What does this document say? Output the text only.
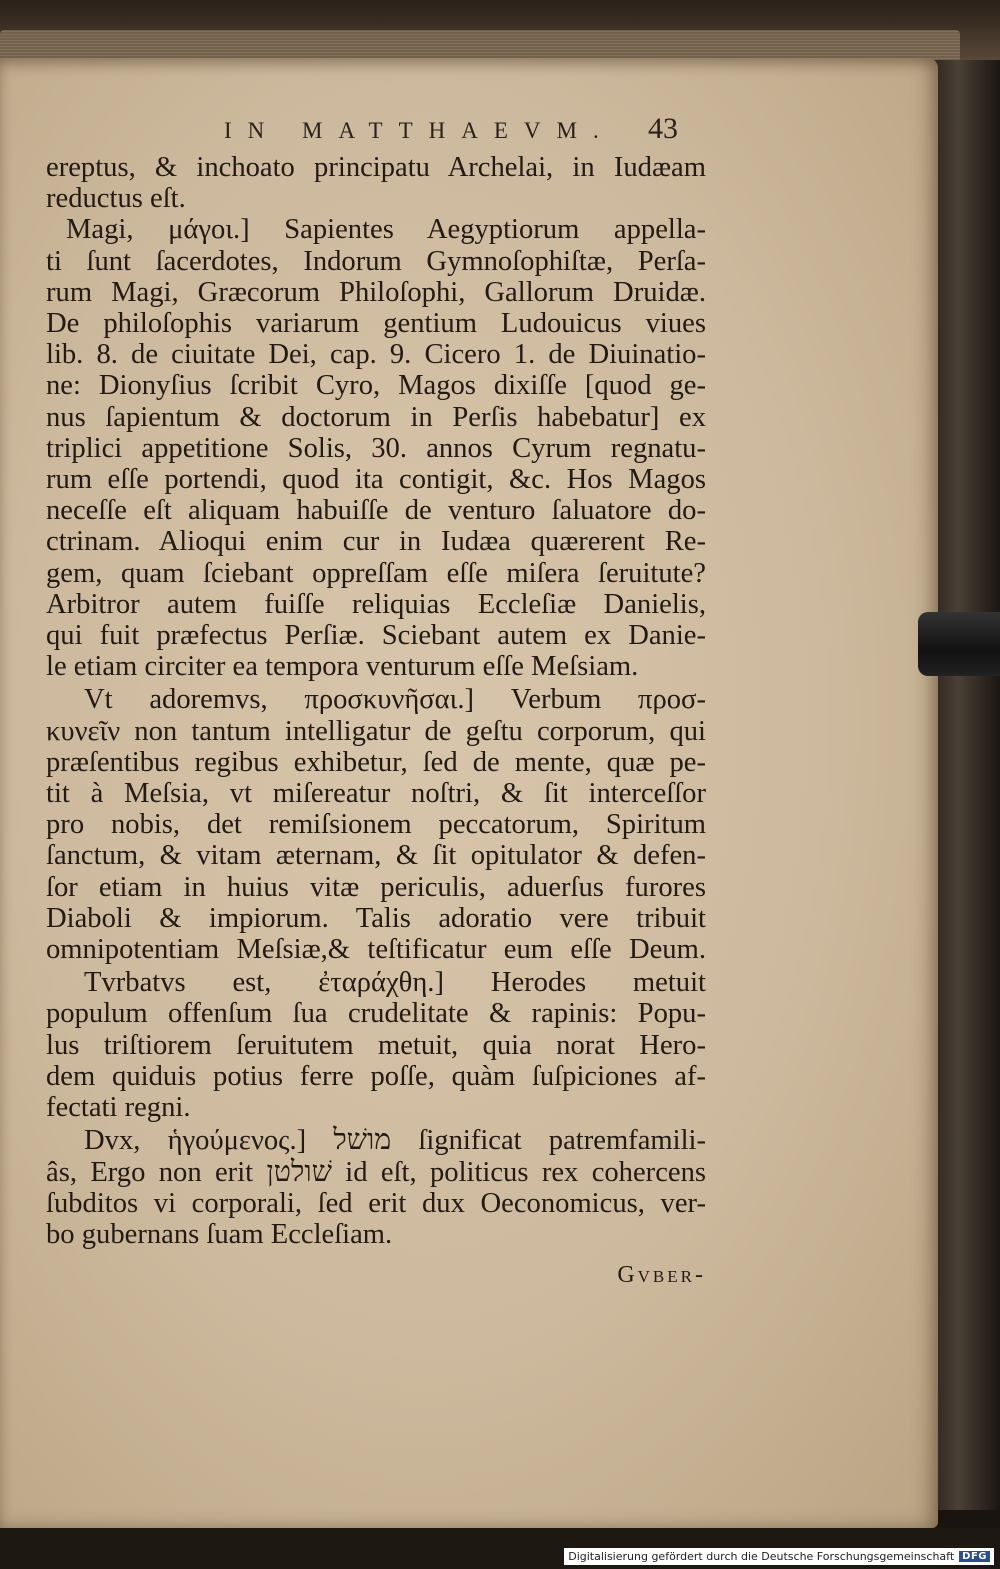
IN MATTHAEVM. 43
ereptus, & inchoato principatu Archelai, in Iudæam
reductus eſt.
Magi, μάγοι.] Sapientes Aegyptiorum appella-
ti ſunt ſacerdotes, Indorum Gymnoſophiſtæ, Perſa-
rum Magi, Græcorum Philoſophi, Gallorum Druidæ.
De philoſophis variarum gentium Ludouicus viues
lib. 8. de ciuitate Dei, cap. 9. Cicero 1. de Diuinatio-
ne: Dionyſius ſcribit Cyro, Magos dixiſſe [quod ge-
nus ſapientum & doctorum in Perſis habebatur] ex
triplici appetitione Solis, 30. annos Cyrum regnatu-
rum eſſe portendi, quod ita contigit, &c. Hos Magos
neceſſe eſt aliquam habuiſſe de venturo ſaluatore do-
ctrinam. Alioqui enim cur in Iudæa quærerent Re-
gem, quam ſciebant oppreſſam eſſe miſera ſeruitute?
Arbitror autem fuiſſe reliquias Eccleſiæ Danielis,
qui fuit præfectus Perſiæ. Sciebant autem ex Danie-
le etiam circiter ea tempora venturum eſſe Meſsiam.
Vt adoremvs, προσκυνῆσαι.] Verbum προσ-
κυνεῖν non tantum intelligatur de geſtu corporum, qui
præſentibus regibus exhibetur, ſed de mente, quæ pe-
tit à Meſsia, vt miſereatur noſtri, & ſit interceſſor
pro nobis, det remiſsionem peccatorum, Spiritum
ſanctum, & vitam æternam, & ſit opitulator & defen-
ſor etiam in huius vitæ periculis, aduerſus furores
Diaboli & impiorum. Talis adoratio vere tribuit
omnipotentiam Meſsiæ,& teſtificatur eum eſſe Deum.
Tvrbatvs est, ἐταράχθη.] Herodes metuit
populum offenſum ſua crudelitate & rapinis: Popu-
lus triſtiorem ſeruitutem metuit, quia norat Hero-
dem quiduis potius ferre poſſe, quàm ſuſpiciones af-
fectati regni.
Dvx, ἡγούμενος.] מושׁל ſignificat patremfamili-
âs, Ergo non erit שׁולטן id eſt, politicus rex cohercens
ſubditos vi corporali, ſed erit dux Oeconomicus, ver-
bo gubernans ſuam Eccleſiam.
Gvber-
Digitalisierung gefördert durch die Deutsche Forschungsgemeinschaft DFG
